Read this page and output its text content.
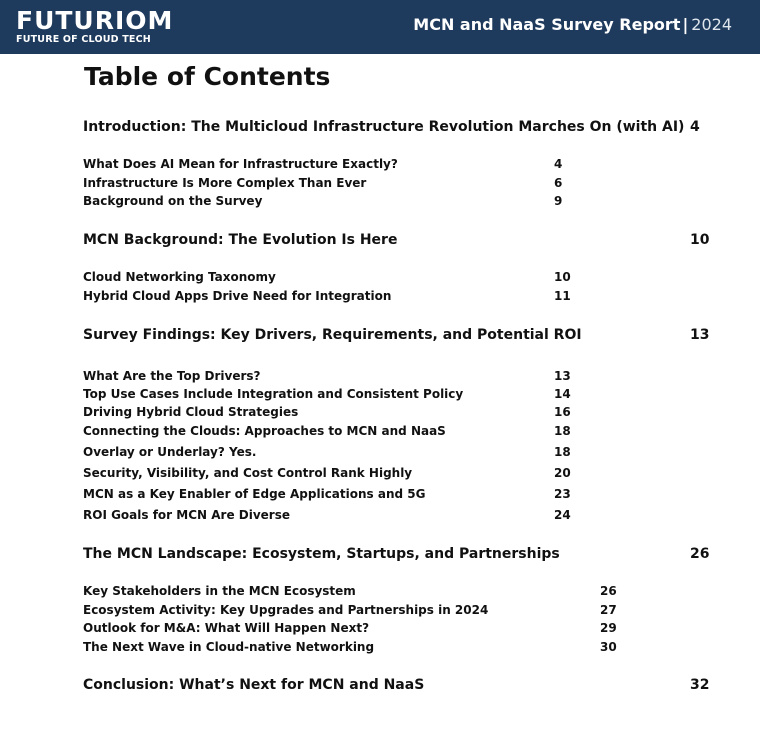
FUTURIOM
FUTURE OF CLOUD TECH
MCN and NaaS Survey Report | 2024
Table of Contents
Introduction: The Multicloud Infrastructure Revolution Marches On (with AI) 4
What Does AI Mean for Infrastructure Exactly?	4
Infrastructure Is More Complex Than Ever	6
Background on the Survey	9
MCN Background: The Evolution Is Here	10
Cloud Networking Taxonomy	10
Hybrid Cloud Apps Drive Need for Integration	11
Survey Findings: Key Drivers, Requirements, and Potential ROI	13
What Are the Top Drivers?	13
Top Use Cases Include Integration and Consistent Policy	14
Driving Hybrid Cloud Strategies	16
Connecting the Clouds: Approaches to MCN and NaaS	18
Overlay or Underlay? Yes.	18
Security, Visibility, and Cost Control Rank Highly	20
MCN as a Key Enabler of Edge Applications and 5G	23
ROI Goals for MCN Are Diverse	24
The MCN Landscape: Ecosystem, Startups, and Partnerships	26
Key Stakeholders in the MCN Ecosystem	26
Ecosystem Activity: Key Upgrades and Partnerships in 2024	27
Outlook for M&A: What Will Happen Next?	29
The Next Wave in Cloud-native Networking	30
Conclusion: What’s Next for MCN and NaaS	32
